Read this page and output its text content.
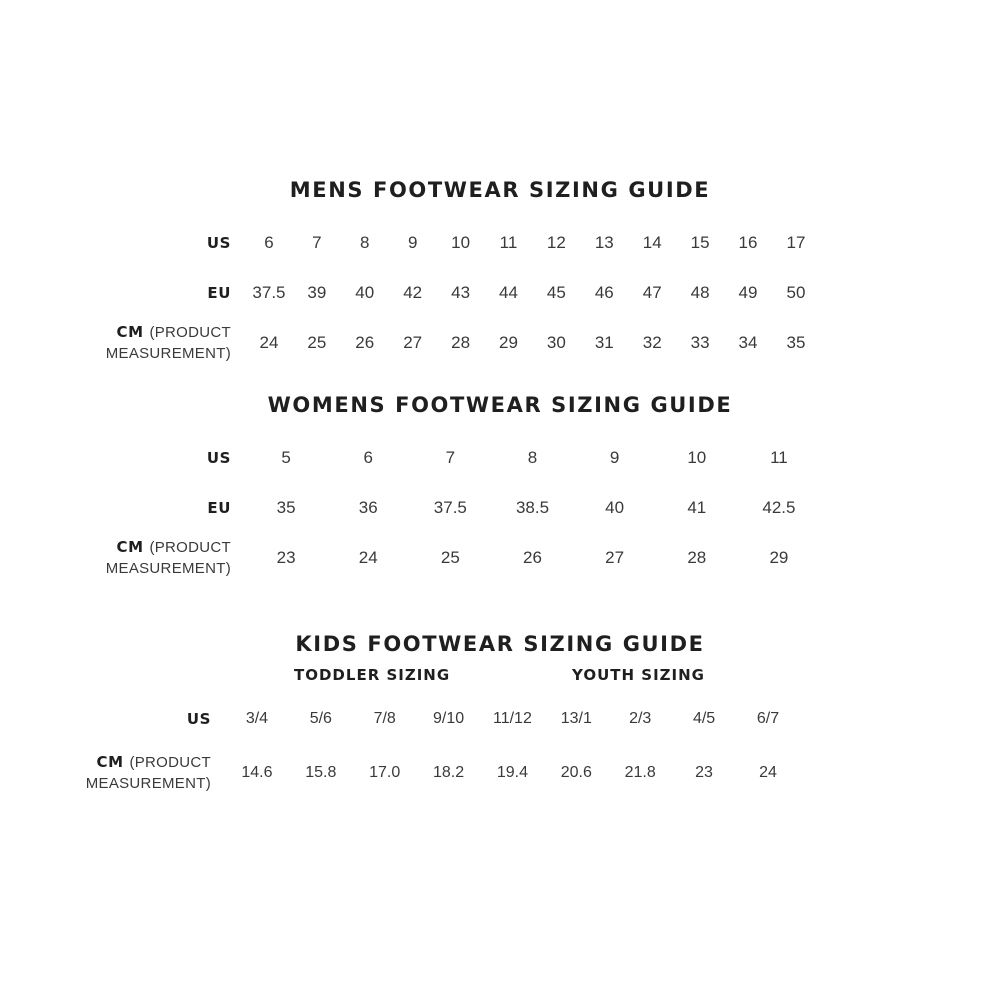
MENS FOOTWEAR SIZING GUIDE
US	6	7	8	9	10	11	12	13	14	15	16	17
EU	37.5	39	40	42	43	44	45	46	47	48	49	50
CM (PRODUCT MEASUREMENT)	24	25	26	27	28	29	30	31	32	33	34	35
WOMENS FOOTWEAR SIZING GUIDE
US	5	6	7	8	9	10	11
EU	35	36	37.5	38.5	40	41	42.5
CM (PRODUCT MEASUREMENT)	23	24	25	26	27	28	29
KIDS FOOTWEAR SIZING GUIDE
TODDLER SIZING	YOUTH SIZING
US	3/4	5/6	7/8	9/10	11/12	13/1	2/3	4/5	6/7
CM (PRODUCT MEASUREMENT)	14.6	15.8	17.0	18.2	19.4	20.6	21.8	23	24
